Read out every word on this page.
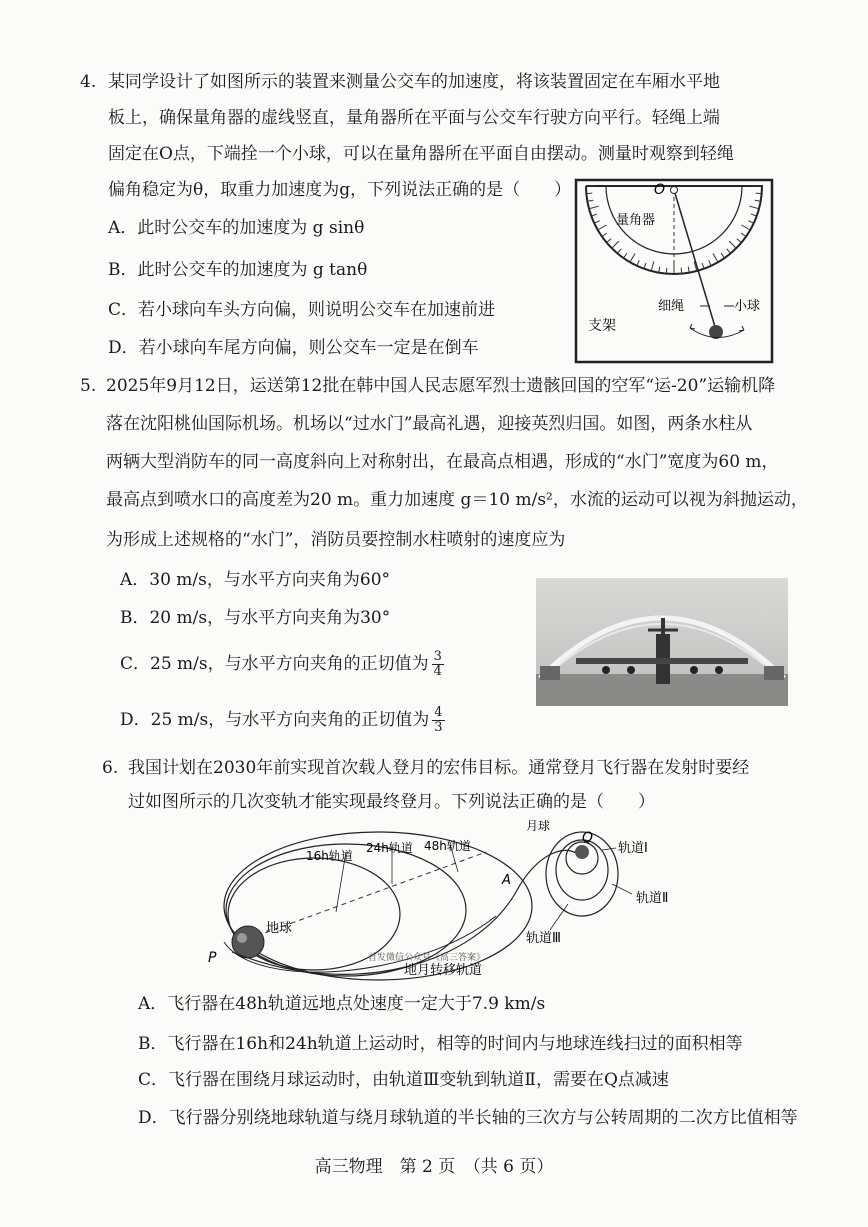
4. 某同学设计了如图所示的装置来测量公交车的加速度，将该装置固定在车厢水平地
板上，确保量角器的虚线竖直，量角器所在平面与公交车行驶方向平行。轻绳上端
固定在O点，下端拴一个小球，可以在量角器所在平面自由摆动。测量时观察到轻绳
偏角稳定为θ，取重力加速度为g，下列说法正确的是（　　）
A．此时公交车的加速度为 g sinθ
B．此时公交车的加速度为 g tanθ
C．若小球向车头方向偏，则说明公交车在加速前进
D．若小球向车尾方向偏，则公交车一定是在倒车
O
量角器
细绳	小球
支架
5. 2025年9月12日，运送第12批在韩中国人民志愿军烈士遗骸回国的空军“运-20”运输机降
落在沈阳桃仙国际机场。机场以“过水门”最高礼遇，迎接英烈归国。如图，两条水柱从
两辆大型消防车的同一高度斜向上对称射出，在最高点相遇，形成的“水门”宽度为60 m，
最高点到喷水口的高度差为20 m。重力加速度 g＝10 m/s²，水流的运动可以视为斜抛运动，
为形成上述规格的“水门”，消防员要控制水柱喷射的速度应为
A．30 m/s，与水平方向夹角为60°
B．20 m/s，与水平方向夹角为30°
C．25 m/s，与水平方向夹角的正切值为 $\frac{3}{4}$
D．25 m/s，与水平方向夹角的正切值为 $\frac{4}{3}$
6. 我国计划在2030年前实现首次载人登月的宏伟目标。通常登月飞行器在发射时要经
过如图所示的几次变轨才能实现最终登月。下列说法正确的是（　　）
16h轨道
24h轨道 48h轨道
月球
地球
P
Q
A
轨道Ⅰ
轨道Ⅱ
轨道Ⅲ
首发微信公众号《高三答案》
地月转移轨道
A．飞行器在48h轨道远地点处速度一定大于7.9 km/s
B．飞行器在16h和24h轨道上运动时，相等的时间内与地球连线扫过的面积相等
C．飞行器在围绕月球运动时，由轨道Ⅲ变轨到轨道Ⅱ，需要在Q点减速
D．飞行器分别绕地球轨道与绕月球轨道的半长轴的三次方与公转周期的二次方比值相等
高三物理　第 2 页　（共 6 页）
